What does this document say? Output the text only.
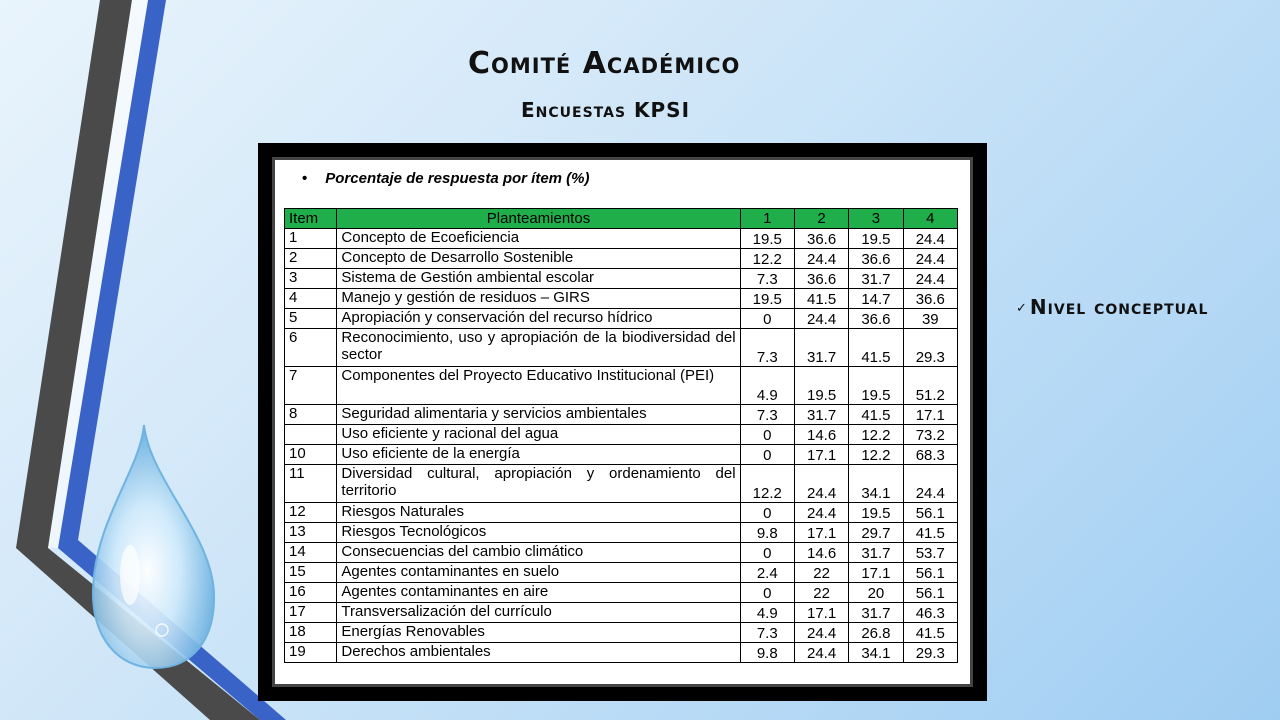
Comité Académico
Encuestas KPSI
✓ Nivel conceptual
• Porcentaje de respuesta por ítem (%)
Item	Planteamientos	1	2	3	4
1	Concepto de Ecoeficiencia	19.5	36.6	19.5	24.4
2	Concepto de Desarrollo Sostenible	12.2	24.4	36.6	24.4
3	Sistema de Gestión ambiental escolar	7.3	36.6	31.7	24.4
4	Manejo y gestión de residuos – GIRS	19.5	41.5	14.7	36.6
5	Apropiación y conservación del recurso hídrico	0	24.4	36.6	39
6	Reconocimiento, uso y apropiación de la biodiversidad del sector	7.3	31.7	41.5	29.3
7	Componentes del Proyecto Educativo Institucional (PEI)	4.9	19.5	19.5	51.2
8	Seguridad alimentaria y servicios ambientales	7.3	31.7	41.5	17.1
	Uso eficiente y racional del agua	0	14.6	12.2	73.2
10	Uso eficiente de la energía	0	17.1	12.2	68.3
11	Diversidad cultural, apropiación y ordenamiento del territorio	12.2	24.4	34.1	24.4
12	Riesgos Naturales	0	24.4	19.5	56.1
13	Riesgos Tecnológicos	9.8	17.1	29.7	41.5
14	Consecuencias del cambio climático	0	14.6	31.7	53.7
15	Agentes contaminantes en suelo	2.4	22	17.1	56.1
16	Agentes contaminantes en aire	0	22	20	56.1
17	Transversalización del currículo	4.9	17.1	31.7	46.3
18	Energías Renovables	7.3	24.4	26.8	41.5
19	Derechos ambientales	9.8	24.4	34.1	29.3
